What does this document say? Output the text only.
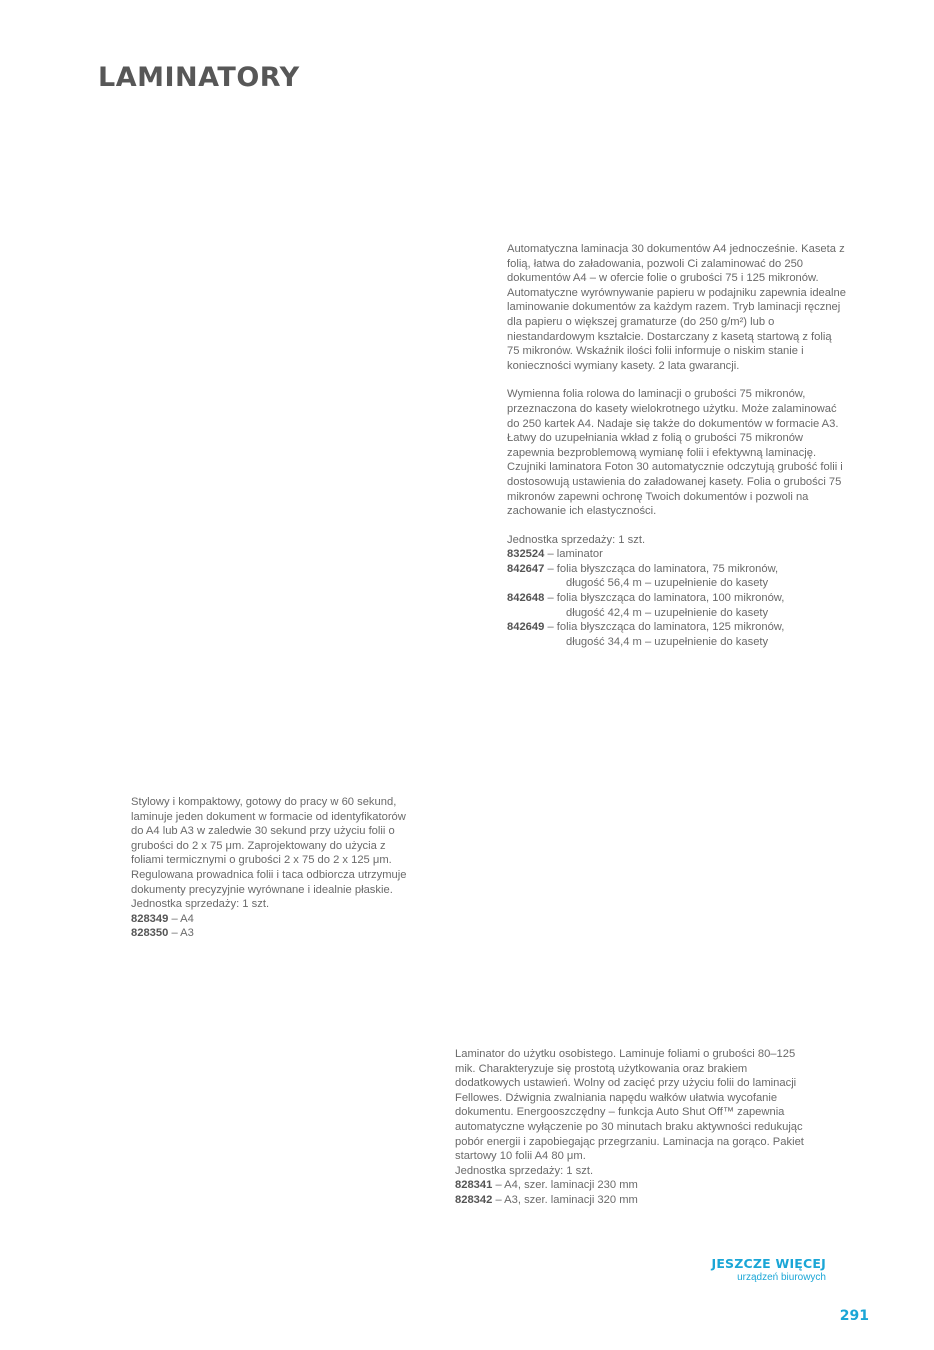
LAMINATORY

Automatyczna laminacja 30 dokumentów A4 jednocześnie. Kaseta z folią, łatwa do załadowania, pozwoli Ci zalaminować do 250 dokumentów A4 – w ofercie folie o grubości 75 i 125 mikronów. Automatyczne wyrównywanie papieru w podajniku zapewnia idealne laminowanie dokumentów za każdym razem. Tryb laminacji ręcznej dla papieru o większej gramaturze (do 250 g/m²) lub o niestandardowym kształcie. Dostarczany z kasetą startową z folią 75 mikronów. Wskaźnik ilości folii informuje o niskim stanie i konieczności wymiany kasety. 2 lata gwarancji.

Wymienna folia rolowa do laminacji o grubości 75 mikronów, przeznaczona do kasety wielokrotnego użytku. Może zalaminować do 250 kartek A4. Nadaje się także do dokumentów w formacie A3. Łatwy do uzupełniania wkład z folią o grubości 75 mikronów zapewnia bezproblemową wymianę folii i efektywną laminację. Czujniki laminatora Foton 30 automatycznie odczytują grubość folii i dostosowują ustawienia do załadowanej kasety. Folia o grubości 75 mikronów zapewni ochronę Twoich dokumentów i pozwoli na zachowanie ich elastyczności.

Jednostka sprzedaży: 1 szt.

832524 – laminator
842647 – folia błyszcząca do laminatora, 75 mikronów,
długość 56,4 m – uzupełnienie do kasety
842648 – folia błyszcząca do laminatora, 100 mikronów,
długość 42,4 m – uzupełnienie do kasety
842649 – folia błyszcząca do laminatora, 125 mikronów,
długość 34,4 m – uzupełnienie do kasety

Stylowy i kompaktowy, gotowy do pracy w 60 sekund, laminuje jeden dokument w formacie od identyfikatorów do A4 lub A3 w zaledwie 30 sekund przy użyciu folii o grubości do 2 x 75 μm. Zaprojektowany do użycia z foliami termicznymi o grubości 2 x 75 do 2 x 125 μm. Regulowana prowadnica folii i taca odbiorcza utrzymuje dokumenty precyzyjnie wyrównane i idealnie płaskie.

Jednostka sprzedaży: 1 szt.

828349 – A4
828350 – A3

Laminator do użytku osobistego. Laminuje foliami o grubości 80–125 mik. Charakteryzuje się prostotą użytkowania oraz brakiem dodatkowych ustawień. Wolny od zacięć przy użyciu folii do laminacji Fellowes. Dźwignia zwalniania napędu wałków ułatwia wycofanie dokumentu. Energooszczędny – funkcja Auto Shut Off™ zapewnia automatyczne wyłączenie po 30 minutach braku aktywności redukując pobór energii i zapobiegając przegrzaniu. Laminacja na gorąco. Pakiet startowy 10 folii A4 80 μm.

Jednostka sprzedaży: 1 szt.

828341 – A4, szer. laminacji 230 mm
828342 – A3, szer. laminacji 320 mm
JESZCZE WIĘCEJ
urządzeń biurowych
291
